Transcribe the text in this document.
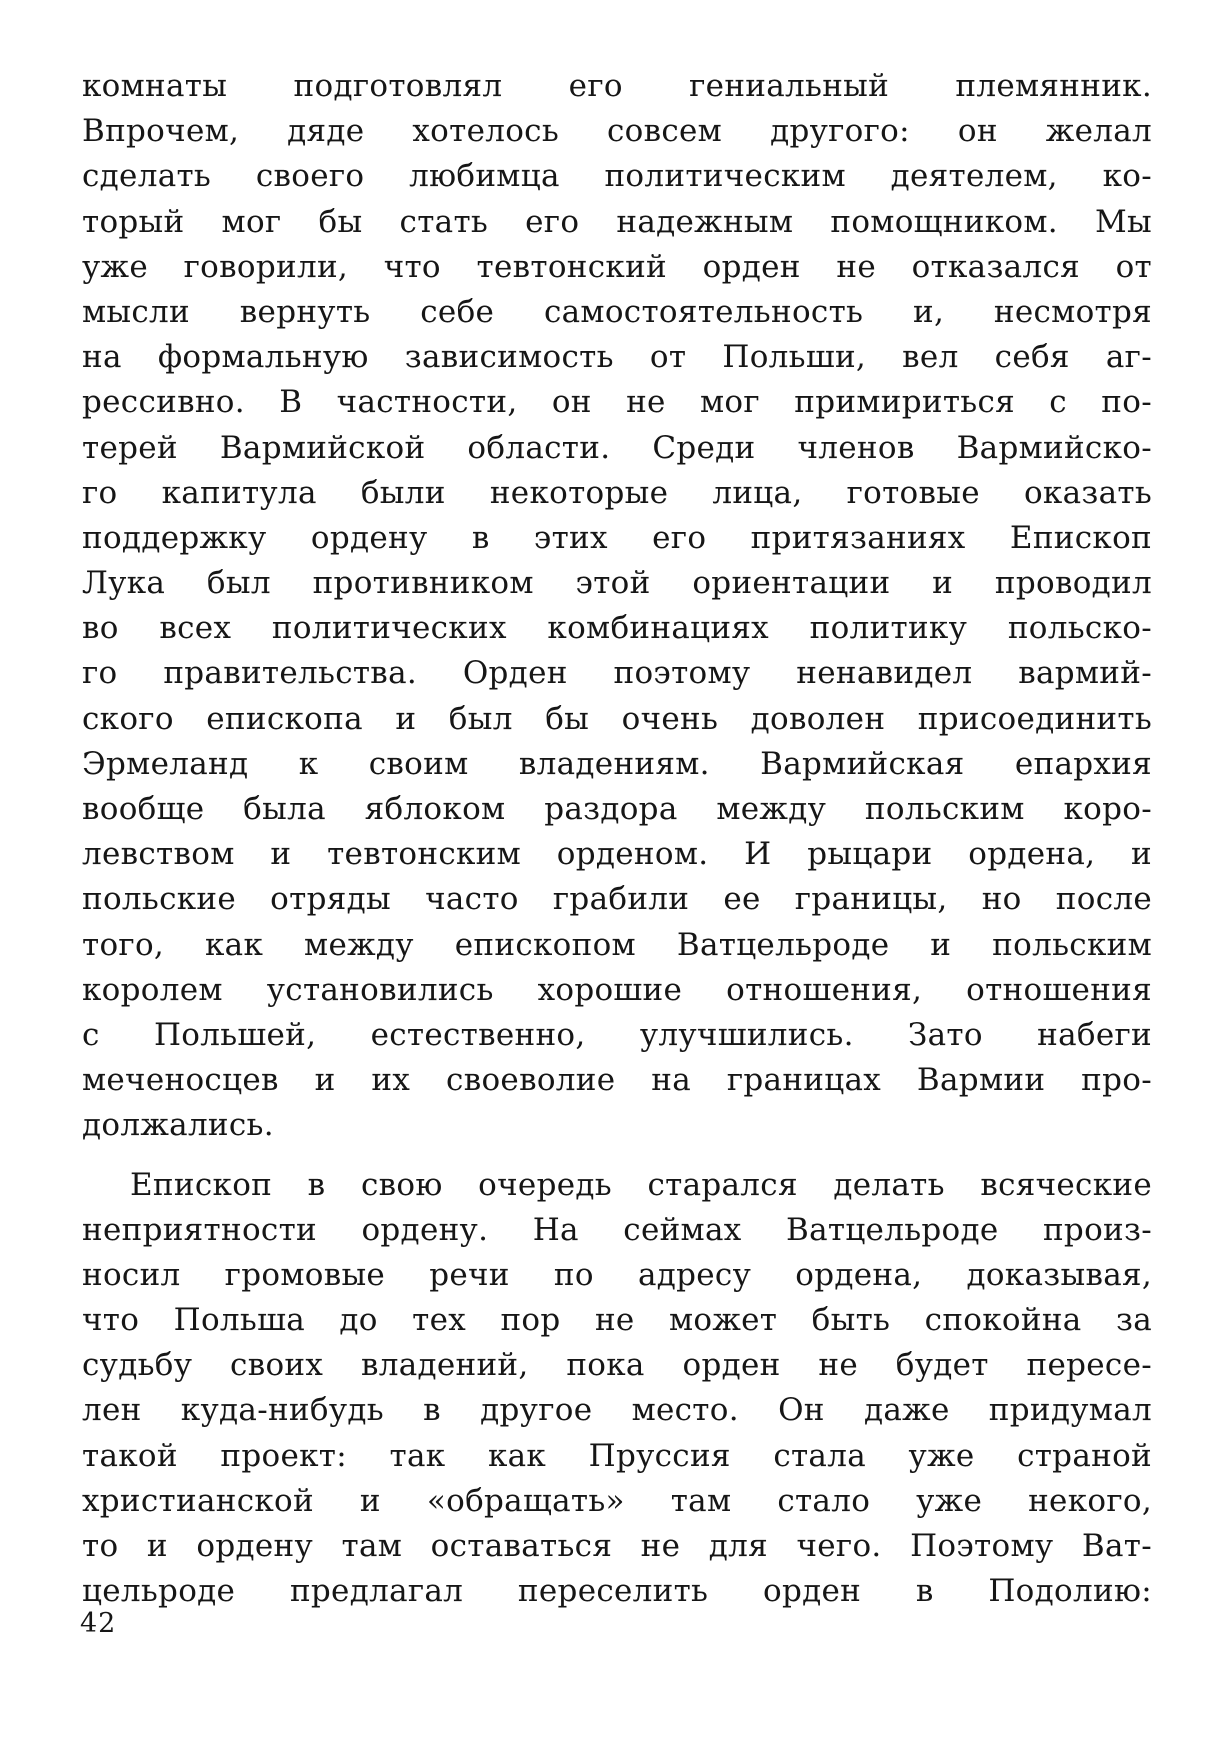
комнаты подготовлял его гениальный племянник.
Впрочем, дяде хотелось совсем другого: он желал
сделать своего любимца политическим деятелем, ко-
торый мог бы стать его надежным помощником. Мы
уже говорили, что тевтонский орден не отказался от
мысли вернуть себе самостоятельность и, несмотря
на формальную зависимость от Польши, вел себя аг-
рессивно. В частности, он не мог примириться с по-
терей Вармийской области. Среди членов Вармийско-
го капитула были некоторые лица, готовые оказать
поддержку ордену в этих его притязаниях Епископ
Лука был противником этой ориентации и проводил
во всех политических комбинациях политику польско-
го правительства. Орден поэтому ненавидел вармий-
ского епископа и был бы очень доволен присоединить
Эрмеланд к своим владениям. Вармийская епархия
вообще была яблоком раздора между польским коро-
левством и тевтонским орденом. И рыцари ордена, и
польские отряды часто грабили ее границы, но после
того, как между епископом Ватцельроде и польским
королем установились хорошие отношения, отношения
с Польшей, естественно, улучшились. Зато набеги
меченосцев и их своеволие на границах Вармии про-
должались.
Епископ в свою очередь старался делать всяческие
неприятности ордену. На сеймах Ватцельроде произ-
носил громовые речи по адресу ордена, доказывая,
что Польша до тех пор не может быть спокойна за
судьбу своих владений, пока орден не будет пересе-
лен куда-нибудь в другое место. Он даже придумал
такой проект: так как Пруссия стала уже страной
христианской и «обращать» там стало уже некого,
то и ордену там оставаться не для чего. Поэтому Ват-
цельроде предлагал переселить орден в Подолию:
42
